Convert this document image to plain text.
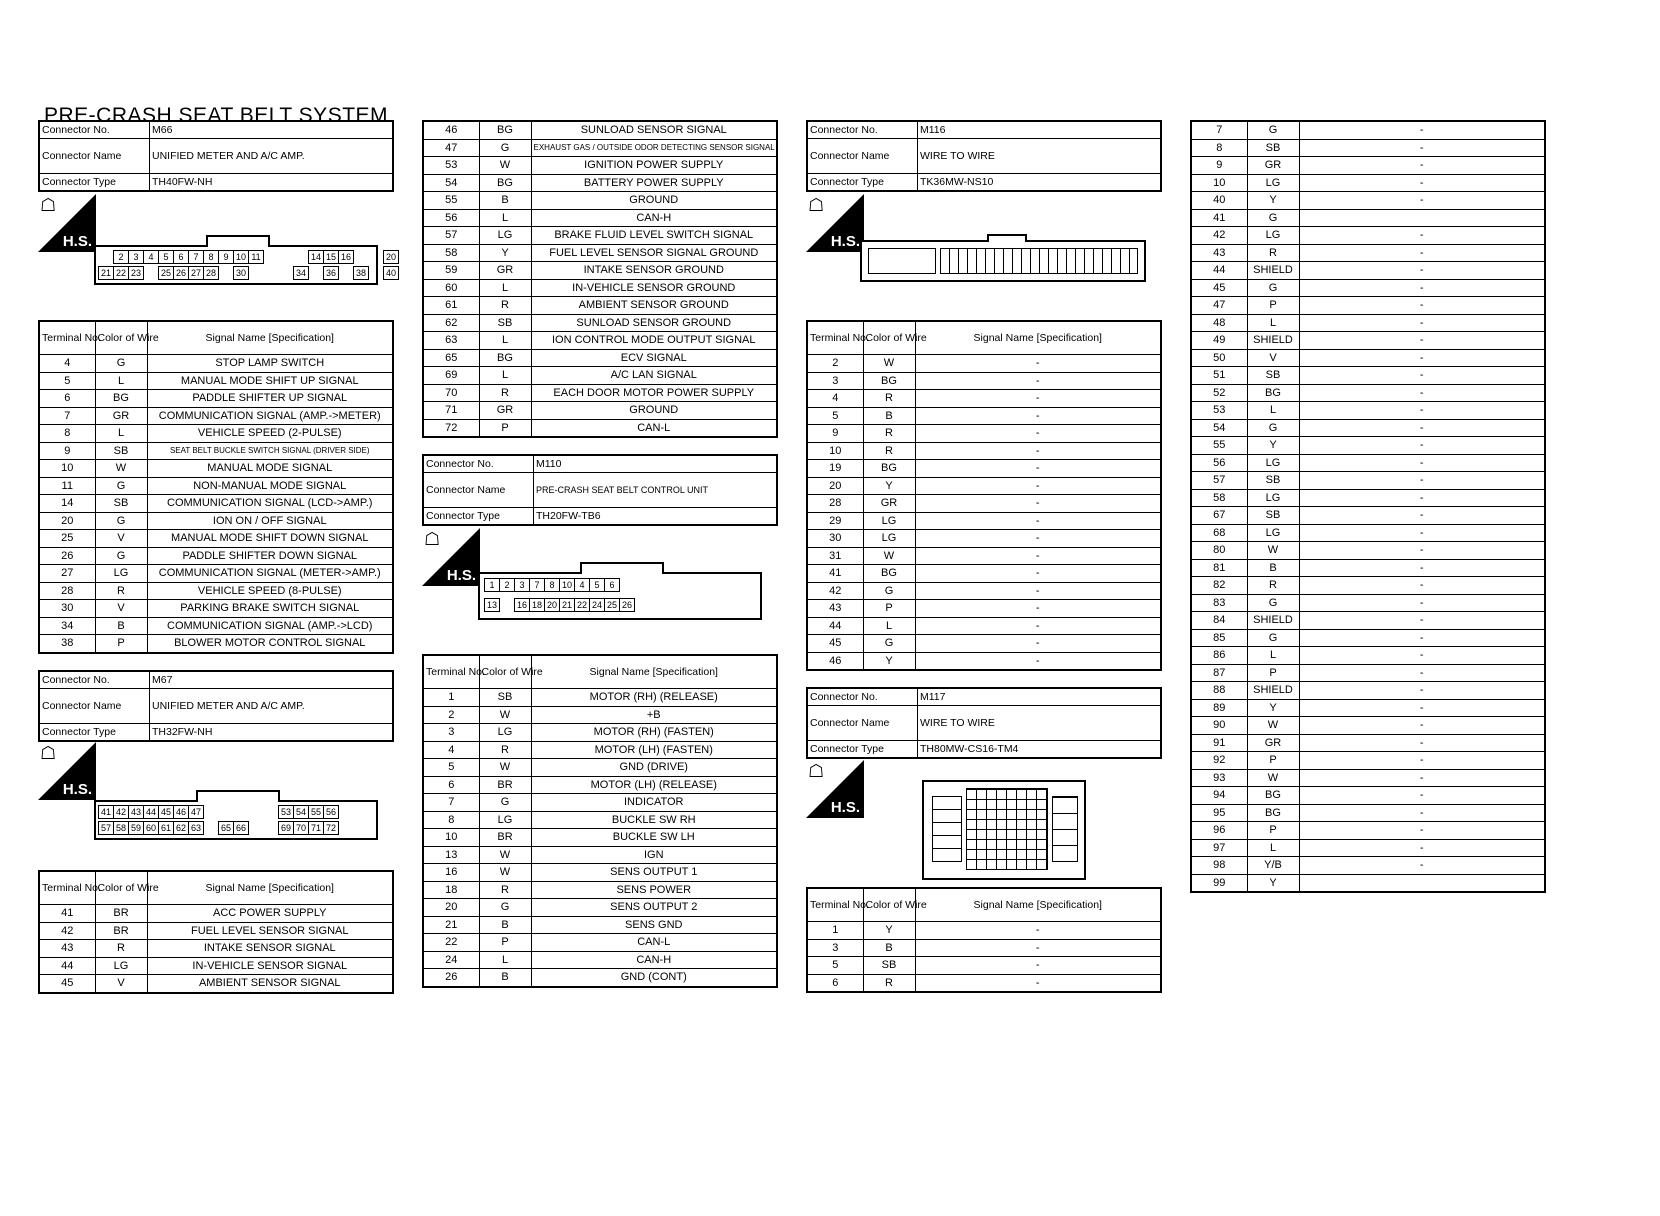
PRE-CRASH SEAT BELT SYSTEM
Connector No.	M66
Connector Name	UNIFIED METER AND A/C AMP.
Connector Type	TH40FW-NH
☖
H.S.
2	3	4	5	6	7	8	9 10 11	14 15 16	20
21 22 23	25 26 27 28	30	34	36	38	40
Terminal No.	Color of Wire	Signal Name [Specification]
4	G	STOP LAMP SWITCH
5	L	MANUAL MODE SHIFT UP SIGNAL
6	BG	PADDLE SHIFTER UP SIGNAL
7	GR	COMMUNICATION SIGNAL (AMP.->METER)
8	L	VEHICLE SPEED (2-PULSE)
9	SB	SEAT BELT BUCKLE SWITCH SIGNAL (DRIVER SIDE)
10	W	MANUAL MODE SIGNAL
11	G	NON-MANUAL MODE SIGNAL
14	SB	COMMUNICATION SIGNAL (LCD->AMP.)
20	G	ION ON / OFF SIGNAL
25	V	MANUAL MODE SHIFT DOWN SIGNAL
26	G	PADDLE SHIFTER DOWN SIGNAL
27	LG	COMMUNICATION SIGNAL (METER->AMP.)
28	R	VEHICLE SPEED (8-PULSE)
30	V	PARKING BRAKE SWITCH SIGNAL
34	B	COMMUNICATION SIGNAL (AMP.->LCD)
38	P	BLOWER MOTOR CONTROL SIGNAL
Connector No.	M67
Connector Name	UNIFIED METER AND A/C AMP.
Connector Type	TH32FW-NH
☖
H.S.
41 42 43 44 45 46 47	53 54 55 56
57 58 59 60 61 62 63	65 66	69 70 71 72
Terminal No.	Color of Wire	Signal Name [Specification]
41	BR	ACC POWER SUPPLY
42	BR	FUEL LEVEL SENSOR SIGNAL
43	R	INTAKE SENSOR SIGNAL
44	LG	IN-VEHICLE SENSOR SIGNAL
45	V	AMBIENT SENSOR SIGNAL
46	BG	SUNLOAD SENSOR SIGNAL
47	G	EXHAUST GAS / OUTSIDE ODOR DETECTING SENSOR SIGNAL
53	W	IGNITION POWER SUPPLY
54	BG	BATTERY POWER SUPPLY
55	B	GROUND
56	L	CAN-H
57	LG	BRAKE FLUID LEVEL SWITCH SIGNAL
58	Y	FUEL LEVEL SENSOR SIGNAL GROUND
59	GR	INTAKE SENSOR GROUND
60	L	IN-VEHICLE SENSOR GROUND
61	R	AMBIENT SENSOR GROUND
62	SB	SUNLOAD SENSOR GROUND
63	L	ION CONTROL MODE OUTPUT SIGNAL
65	BG	ECV SIGNAL
69	L	A/C LAN SIGNAL
70	R	EACH DOOR MOTOR POWER SUPPLY
71	GR	GROUND
72	P	CAN-L
Connector No.	M110
Connector Name	PRE-CRASH SEAT BELT CONTROL UNIT
Connector Type	TH20FW-TB6
☖
H.S.
1	2	3	7	8 10 4	5	6
13	16 18 20 21 22 24 25 26
Terminal No.	Color of Wire	Signal Name [Specification]
1	SB	MOTOR (RH) (RELEASE)
2	W	+B
3	LG	MOTOR (RH) (FASTEN)
4	R	MOTOR (LH) (FASTEN)
5	W	GND (DRIVE)
6	BR	MOTOR (LH) (RELEASE)
7	G	INDICATOR
8	LG	BUCKLE SW RH
10	BR	BUCKLE SW LH
13	W	IGN
16	W	SENS OUTPUT 1
18	R	SENS POWER
20	G	SENS OUTPUT 2
21	B	SENS GND
22	P	CAN-L
24	L	CAN-H
26	B	GND (CONT)
Connector No.	M116
Connector Name	WIRE TO WIRE
Connector Type	TK36MW-NS10
☖
H.S.
Terminal No.	Color of Wire	Signal Name [Specification]
2	W	-
3	BG	-
4	R	-
5	B	-
9	R	-
10	R	-
19	BG	-
20	Y	-
28	GR	-
29	LG	-
30	LG	-
31	W	-
41	BG	-
42	G	-
43	P	-
44	L	-
45	G	-
46	Y	-
Connector No.	M117
Connector Name	WIRE TO WIRE
Connector Type	TH80MW-CS16-TM4
☖
H.S.
Terminal No.	Color of Wire	Signal Name [Specification]
1	Y	-
3	B	-
5	SB	-
6	R	-
7	G	-
8	SB	-
9	GR	-
10	LG	-
40	Y	-
41	G	
42	LG	-
43	R	-
44	SHIELD	-
45	G	-
47	P	-
48	L	-
49	SHIELD	-
50	V	-
51	SB	-
52	BG	-
53	L	-
54	G	-
55	Y	-
56	LG	-
57	SB	-
58	LG	-
67	SB	-
68	LG	-
80	W	-
81	B	-
82	R	-
83	G	-
84	SHIELD	-
85	G	-
86	L	-
87	P	-
88	SHIELD	-
89	Y	-
90	W	-
91	GR	-
92	P	-
93	W	-
94	BG	-
95	BG	-
96	P	-
97	L	-
98	Y/B	-
99	Y	
